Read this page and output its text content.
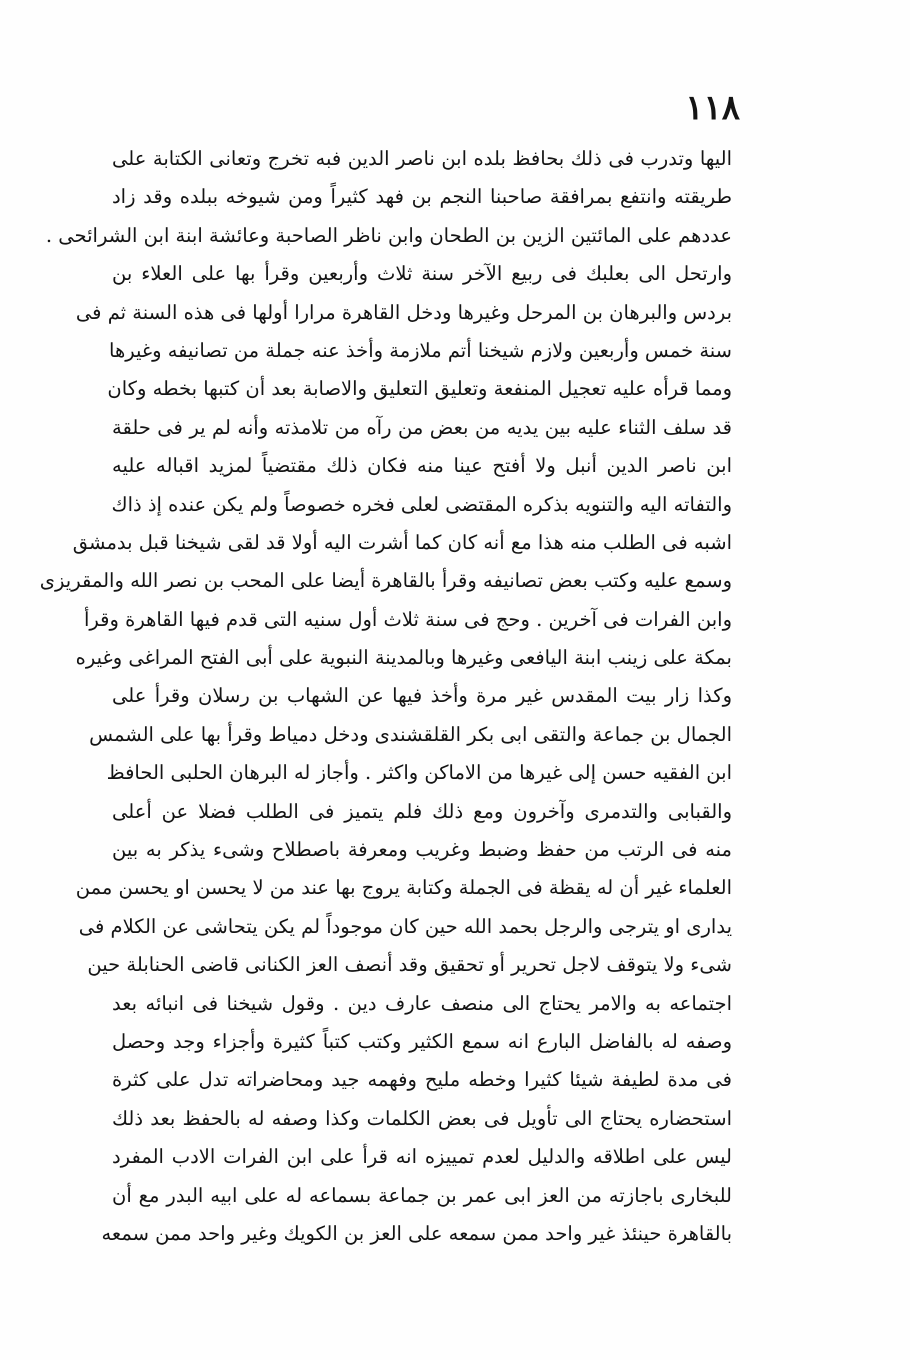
١١٨
اليها وتدرب فى ذلك بحافظ بلده ابن ناصر الدين فبه تخرج وتعانى الكتابة على
طريقته وانتفع بمرافقة صاحبنا النجم بن فهد كثيراً ومن شيوخه ببلده وقد زاد
عددهم على المائتين الزين بن الطحان وابن ناظر الصاحبة وعائشة ابنة ابن الشرائحى .
وارتحل الى بعلبك فى ربيع الآخر سنة ثلاث وأربعين وقرأ بها على العلاء بن
بردس والبرهان بن المرحل وغيرها ودخل القاهرة مرارا أولها فى هذه السنة ثم فى
سنة خمس وأربعين ولازم شيخنا أتم ملازمة وأخذ عنه جملة من تصانيفه وغيرها
ومما قرأه عليه تعجيل المنفعة وتعليق التعليق والاصابة بعد أن كتبها بخطه وكان
قد سلف الثناء عليه بين يديه من بعض من رآه من تلامذته وأنه لم ير فى حلقة
ابن ناصر الدين أنبل ولا أفتح عينا منه فكان ذلك مقتضياً لمزيد اقباله عليه
والتفاته اليه والتنويه بذكره المقتضى لعلى فخره خصوصاً ولم يكن عنده إذ ذاك
اشبه فى الطلب منه هذا مع أنه كان كما أشرت اليه أولا قد لقى شيخنا قبل بدمشق
وسمع عليه وكتب بعض تصانيفه وقرأ بالقاهرة أيضا على المحب بن نصر الله والمقريزى
وابن الفرات فى آخرين . وحج فى سنة ثلاث أول سنيه التى قدم فيها القاهرة وقرأ
بمكة على زينب ابنة اليافعى وغيرها وبالمدينة النبوية على أبى الفتح المراغى وغيره
وكذا زار بيت المقدس غير مرة وأخذ فيها عن الشهاب بن رسلان وقرأ على
الجمال بن جماعة والتقى ابى بكر القلقشندى ودخل دمياط وقرأ بها على الشمس
ابن الفقيه حسن إلى غيرها من الاماكن واكثر . وأجاز له البرهان الحلبى الحافظ
والقبابى والتدمرى وآخرون ومع ذلك فلم يتميز فى الطلب فضلا عن أعلى
منه فى الرتب من حفظ وضبط وغريب ومعرفة باصطلاح وشىء يذكر به بين
العلماء غير أن له يقظة فى الجملة وكتابة يروج بها عند من لا يحسن او يحسن ممن
يدارى او يترجى والرجل بحمد الله حين كان موجوداً لم يكن يتحاشى عن الكلام فى
شىء ولا يتوقف لاجل تحرير أو تحقيق وقد أنصف العز الكنانى قاضى الحنابلة حين
اجتماعه به والامر يحتاج الى منصف عارف دين . وقول شيخنا فى انبائه بعد
وصفه له بالفاضل البارع انه سمع الكثير وكتب كتباً كثيرة وأجزاء وجد وحصل
فى مدة لطيفة شيئا كثيرا وخطه مليح وفهمه جيد ومحاضراته تدل على كثرة
استحضاره يحتاج الى تأويل فى بعض الكلمات وكذا وصفه له بالحفظ بعد ذلك
ليس على اطلاقه والدليل لعدم تمييزه انه قرأ على ابن الفرات الادب المفرد
للبخارى باجازته من العز ابى عمر بن جماعة بسماعه له على ابيه البدر مع أن
بالقاهرة حينئذ غير واحد ممن سمعه على العز بن الكويك وغير واحد ممن سمعه
